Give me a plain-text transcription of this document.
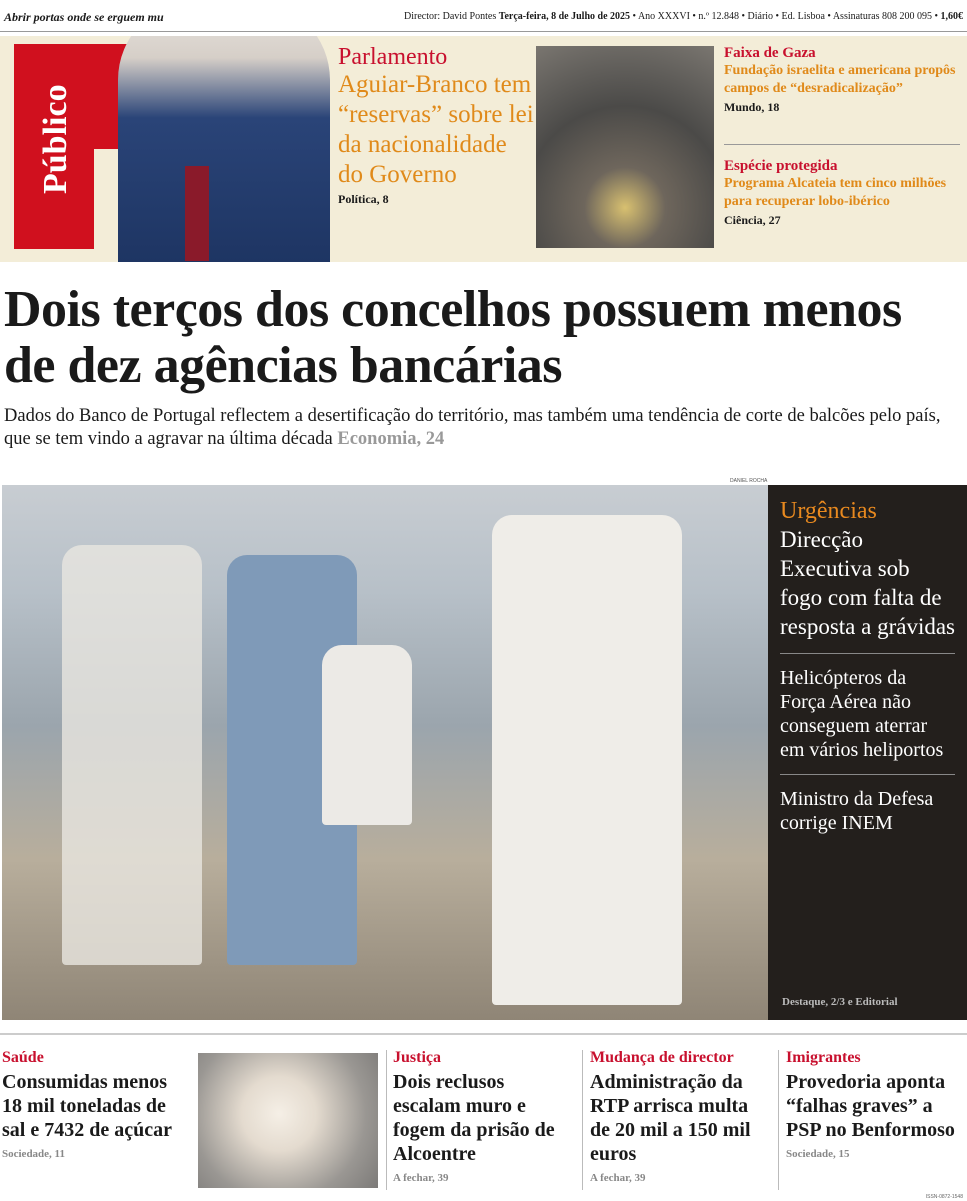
Abrir portas onde se erguem mu	Director: David Pontes Terça-feira, 8 de Julho de 2025 • Ano XXXVI • n.º 12.848 • Diário • Ed. Lisboa • Assinaturas 808 200 095 • 1,60€
Público
Parlamento
Aguiar-Branco tem “reservas” sobre lei da nacionalidade do Governo
Política, 8
Faixa de Gaza
Fundação israelita e americana propôs campos de “desradicalização”
Mundo, 18
Espécie protegida
Programa Alcateia tem cinco milhões para recuperar lobo-ibérico
Ciência, 27
Dois terços dos concelhos possuem menos de dez agências bancárias

Dados do Banco de Portugal reflectem a desertificação do território, mas também uma tendência de corte de balcões pelo país, que se tem vindo a agravar na última década Economia, 24

DANIEL ROCHA
Urgências
Direcção Executiva sob fogo com falta de resposta a grávidas
Helicópteros da Força Aérea não conseguem aterrar em vários heliportos
Ministro da Defesa corrige INEM
Destaque, 2/3 e Editorial
Saúde
Consumidas menos 18 mil toneladas de sal e 7432 de açúcar
Sociedade, 11
Justiça
Dois reclusos escalam muro e fogem da prisão de Alcoentre
A fechar, 39
Mudança de director
Administração da RTP arrisca multa de 20 mil a 150 mil euros
A fechar, 39
Imigrantes
Provedoria aponta “falhas graves” a PSP no Benformoso
Sociedade, 15
ISSN-0872-1548
